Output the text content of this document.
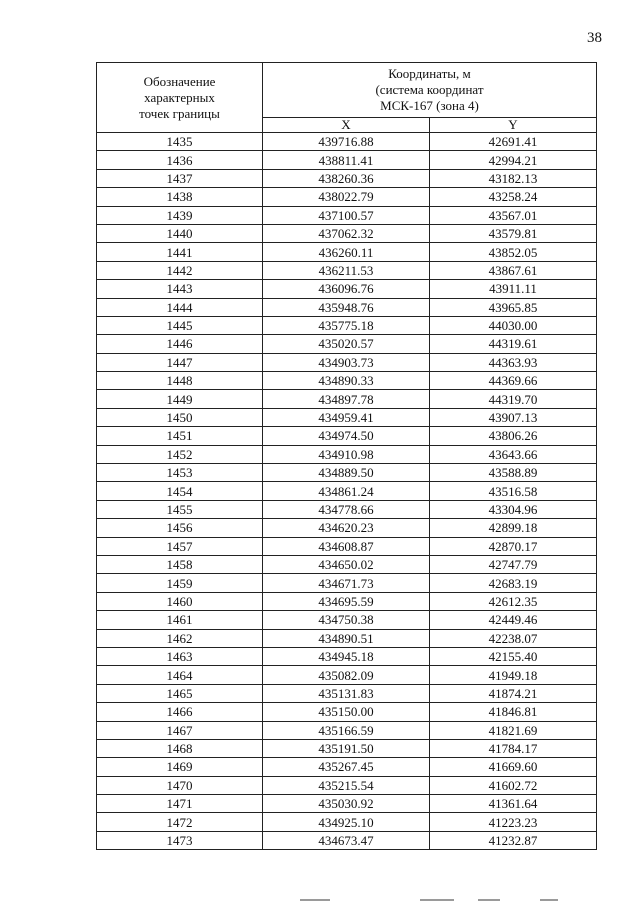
38
Обозначение
характерных
точек границы	Координаты, м
(система координат
МСК-167 (зона 4)	

	X	Y
1435	439716.88	42691.41
1436	438811.41	42994.21
1437	438260.36	43182.13
1438	438022.79	43258.24
1439	437100.57	43567.01
1440	437062.32	43579.81
1441	436260.11	43852.05
1442	436211.53	43867.61
1443	436096.76	43911.11
1444	435948.76	43965.85
1445	435775.18	44030.00
1446	435020.57	44319.61
1447	434903.73	44363.93
1448	434890.33	44369.66
1449	434897.78	44319.70
1450	434959.41	43907.13
1451	434974.50	43806.26
1452	434910.98	43643.66
1453	434889.50	43588.89
1454	434861.24	43516.58
1455	434778.66	43304.96
1456	434620.23	42899.18
1457	434608.87	42870.17
1458	434650.02	42747.79
1459	434671.73	42683.19
1460	434695.59	42612.35
1461	434750.38	42449.46
1462	434890.51	42238.07
1463	434945.18	42155.40
1464	435082.09	41949.18
1465	435131.83	41874.21
1466	435150.00	41846.81
1467	435166.59	41821.69
1468	435191.50	41784.17
1469	435267.45	41669.60
1470	435215.54	41602.72
1471	435030.92	41361.64
1472	434925.10	41223.23
1473	434673.47	41232.87
